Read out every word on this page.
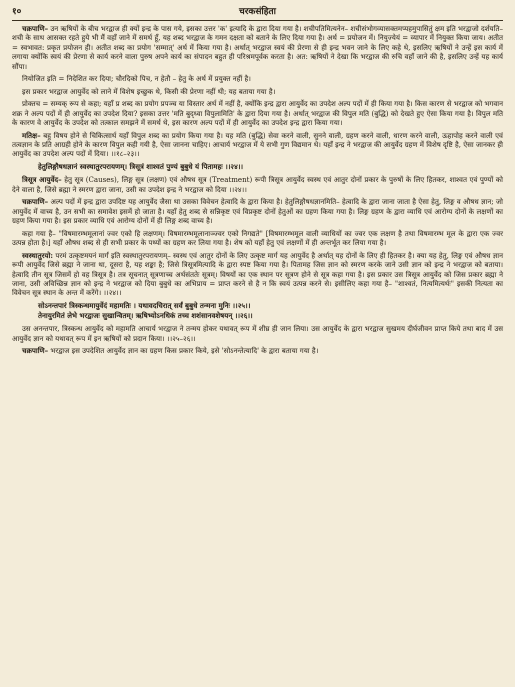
१०	चरकसंहिता

चक्रपाणि– उन ऋषियों के बीच भरद्वाज ही क्यों इन्द्र के पास गये, इसका उत्तर 'क' इत्यादि के द्वारा दिया गया है। शचीपतिमित्यनेन– शचीसंभोगव्यासक्तमप्यहमुपासितुं क्षम इति भरद्वाजो दर्शयति– शची के साथ आसक्त रहते हुये भी मैं वहाँ जाने में समर्थ हूँ, यह शब्द भरद्वाज के गमन दक्षता को बताने के लिए दिया गया है। अर्थ = प्रयोजन में। नियुज्येयं = व्यापार में नियुक्त किया जाय। अतीत = स्वभावत: प्रकृत प्रयोजन ही। अतीत शब्द का प्रयोग 'सम्मात्' अर्थ में किया गया है। अर्थात् भरद्वाज स्वयं की प्रेरणा से ही इन्द्र भवन जाने के लिए कहे थे, इसलिए ऋषियों ने उन्हें इस कार्य में लगाया क्योंकि स्वयं की प्रेरणा से कार्य करने वाला पुरुष अपने कार्य का संपादन बहुत ही परिश्रमपूर्वक करता है। अत: ऋषियों ने देखा कि भरद्वाज की रुचि वहाँ जाने की है, इसलिए उन्हें यह कार्य सौंपा।

नियोजित इति = निदेशित कर दिया; चौरदिको पिच, न हेतौ – हेतु के अर्थ में प्रयुक्त नहीं है।

इस प्रकार भरद्वाज आयुर्वेद को लाने में विशेष इच्छुक थे, किसी की प्रेरणा नहीं थी; यह बताया गया है।

प्रोक्तच = सम्यक् रूप से कहा; यहाँ प्र शब्द का प्रयोग प्रपञ्च या विस्तार अर्थ में नहीं है, क्योंकि इन्द्र द्वारा आयुर्वेद का उपदेश अल्प पदों में ही किया गया है। किस कारण से भरद्वाज को भगवान शक्र ने अल्प पदों में ही आयुर्वेद का उपदेश दिया? इसका उत्तर 'मति बुद्ध्वा विपुलामिति' के द्वारा दिया गया है। अर्थात् भरद्वाज की विपुल मति (बुद्धि) को देखते हुए ऐसा किया गया है। विपुल मति के कारण वे आयुर्वेद के उपदेश को तत्काल समझने में समर्थ थे, इस कारण अल्प पदों में ही आयुर्वेद का उपदेश इन्द्र द्वारा किया गया।

मतिक्ष– बहु विषय होने से चिकित्सार्थ यहाँ विपुल शब्द का प्रयोग किया गया है। यह मति (बुद्धि) सेवा करने वाली, सुनने वाली, ग्रहण करने वाली, धारण करने वाली, ऊहापोह करने वाली एवं तत्वज्ञान के प्रति आग्रही होने के कारण विपुल कही गयी है, ऐसा जानना चाहिए। आचार्य भरद्वाज में ये सभी गुण विद्यमान थे। यहाँ इन्द्र ने भरद्वाज की आयुर्वेद ग्रहण में विशेष दृष्टि है, ऐसा जानकर ही आयुर्वेद का उपदेश अल्प पदों में दिया। ।।१८–२३।।

हेतुलिङ्गौषधज्ञानं स्वस्थातुरपरायणम्। त्रिसूत्रं शाश्वतं पुण्यं बुबुधे यं पितामहः ।।२४।।

त्रिसूत्र आयुर्वेद– हेतु सूत्र (Causes), लिङ्ग सूत्र (लक्षण) एवं औषध सूत्र (Treatment) रूपी त्रिसूत्र आयुर्वेद स्वस्थ एवं आतुर दोनों प्रकार के पुरुषों के लिए हितकर, शाश्वत एवं पुण्यों को देने वाला है, जिसे ब्रह्मा ने स्मरण द्वारा जाना, उसी का उपदेश इन्द्र ने भरद्वाज को दिया ।।२४।।

चक्रपाणि– अल्प पदों में इन्द्र द्वारा उपदिष्ट यह आयुर्वेद जैसा था उसका विवेचन हेत्वादि के द्वारा किया है। हेतुलिङ्गौषधज्ञानमिति– हेत्वादि के द्वारा जाना जाता है ऐसा हेतु, लिङ्ग व औषध ज्ञान; जो आयुर्वेद में वाच्य है, उन सभी का समावेश इसमें हो जाता है। यहाँ हेतु शब्द से सन्निकृष्ट एवं विप्रकृष्ट दोनों हेतुओं का ग्रहण किया गया है। लिङ्ग ग्रहण के द्वारा व्याधि एवं आरोग्य दोनों के लक्षणों का ग्रहण किया गया है। इस प्रकार व्याधि एवं आरोग्य दोनों में ही लिङ्ग शब्द वाच्य है।

कहा गया है– "विषमारम्भमूलानां ज्वर एको हि लक्षणम्। विषमारम्भमूलानाञ्ज्वर एको निगद्यते" [विषमारम्भमूल वाली व्याधियों का ज्वर एक लक्षण है तथा विषमारम्भ मूल के द्वारा एक ज्वर उत्पन्न होता है।] यहाँ औषध शब्द से ही सभी प्रकार के पथ्यों का ग्रहण कर लिया गया है। शेष को यहाँ हेतु एवं लक्षणों में ही अन्तर्भूत कर लिया गया है।

स्वस्थातुरयो: परमं उत्कृष्टमयनं मार्गं इति स्वस्थातुरपरायणम्– स्वस्थ एवं आतुर दोनों के लिए उत्कृष्ट मार्ग यह आयुर्वेद है अर्थात् यह दोनों के लिए ही हितकर है। क्या यह हेतु, लिङ्ग एवं औषध ज्ञान रूपी आयुर्वेद जिसे ब्रह्मा ने जाना था, दूसरा है, यह शङ्का है; जिसे त्रिसूत्रमित्यादि के द्वारा स्पष्ट किया गया है। पितामह जिस ज्ञान को स्मरण करके जाने उसी ज्ञान को इन्द्र ने भरद्वाज को बताया। हेत्वादि तीन सूत्र जिसमें हो वह त्रिसूत्र है। तत्र सूचनात् सूत्रणाच्च अर्थसंततेः सूत्रम्। विषयों का एक स्थान पर सूत्रण होने से सूत्र कहा गया है। इस प्रकार उस त्रिसूत्र आयुर्वेद को जिस प्रकार ब्रह्मा ने जाना, उसी अविच्छिन्न ज्ञान को इन्द्र ने भरद्वाज को दिया बुबुधे का अभिप्राय = प्राप्त करने से है न कि स्वयं उत्पन्न करने से। इसीलिए कहा गया है– "शाश्वतं, नित्यमित्यर्थः" इसकी नित्यता का विवेचन सूत्र स्थान के अन्त में करेंगे। ।।२४।।

सोऽनन्तपारं त्रिस्कन्धमायुर्वेदं महामतिः । यथावदचिरात् सर्वं बुबुधे तन्मना मुनिः ।।२५।।
तेनायुरमितं लेभे भरद्वाजः सुखान्वितम्। ऋषिभ्योऽनधिकं तच्च शशंसानवशेषयन् ।।२६।।

उस अनन्तपार, त्रिस्कन्ध आयुर्वेद को महामति आचार्य भरद्वाज ने तन्मय होकर यथावत् रूप में शीघ्र ही जान लिया। उस आयुर्वेद के द्वारा भरद्वाज सुखमय दीर्घजीवन प्राप्त किये तथा बाद में उस आयुर्वेद ज्ञान को यथावत् रूप में इन ऋषियों को प्रदान किया। ।।२५–२६।।

चक्रपाणि– भरद्वाज इस उपदेशित आयुर्वेद ज्ञान का ग्रहण किस प्रकार किये, इसे 'सोऽनन्तेत्यादि' के द्वारा बताया गया है।
